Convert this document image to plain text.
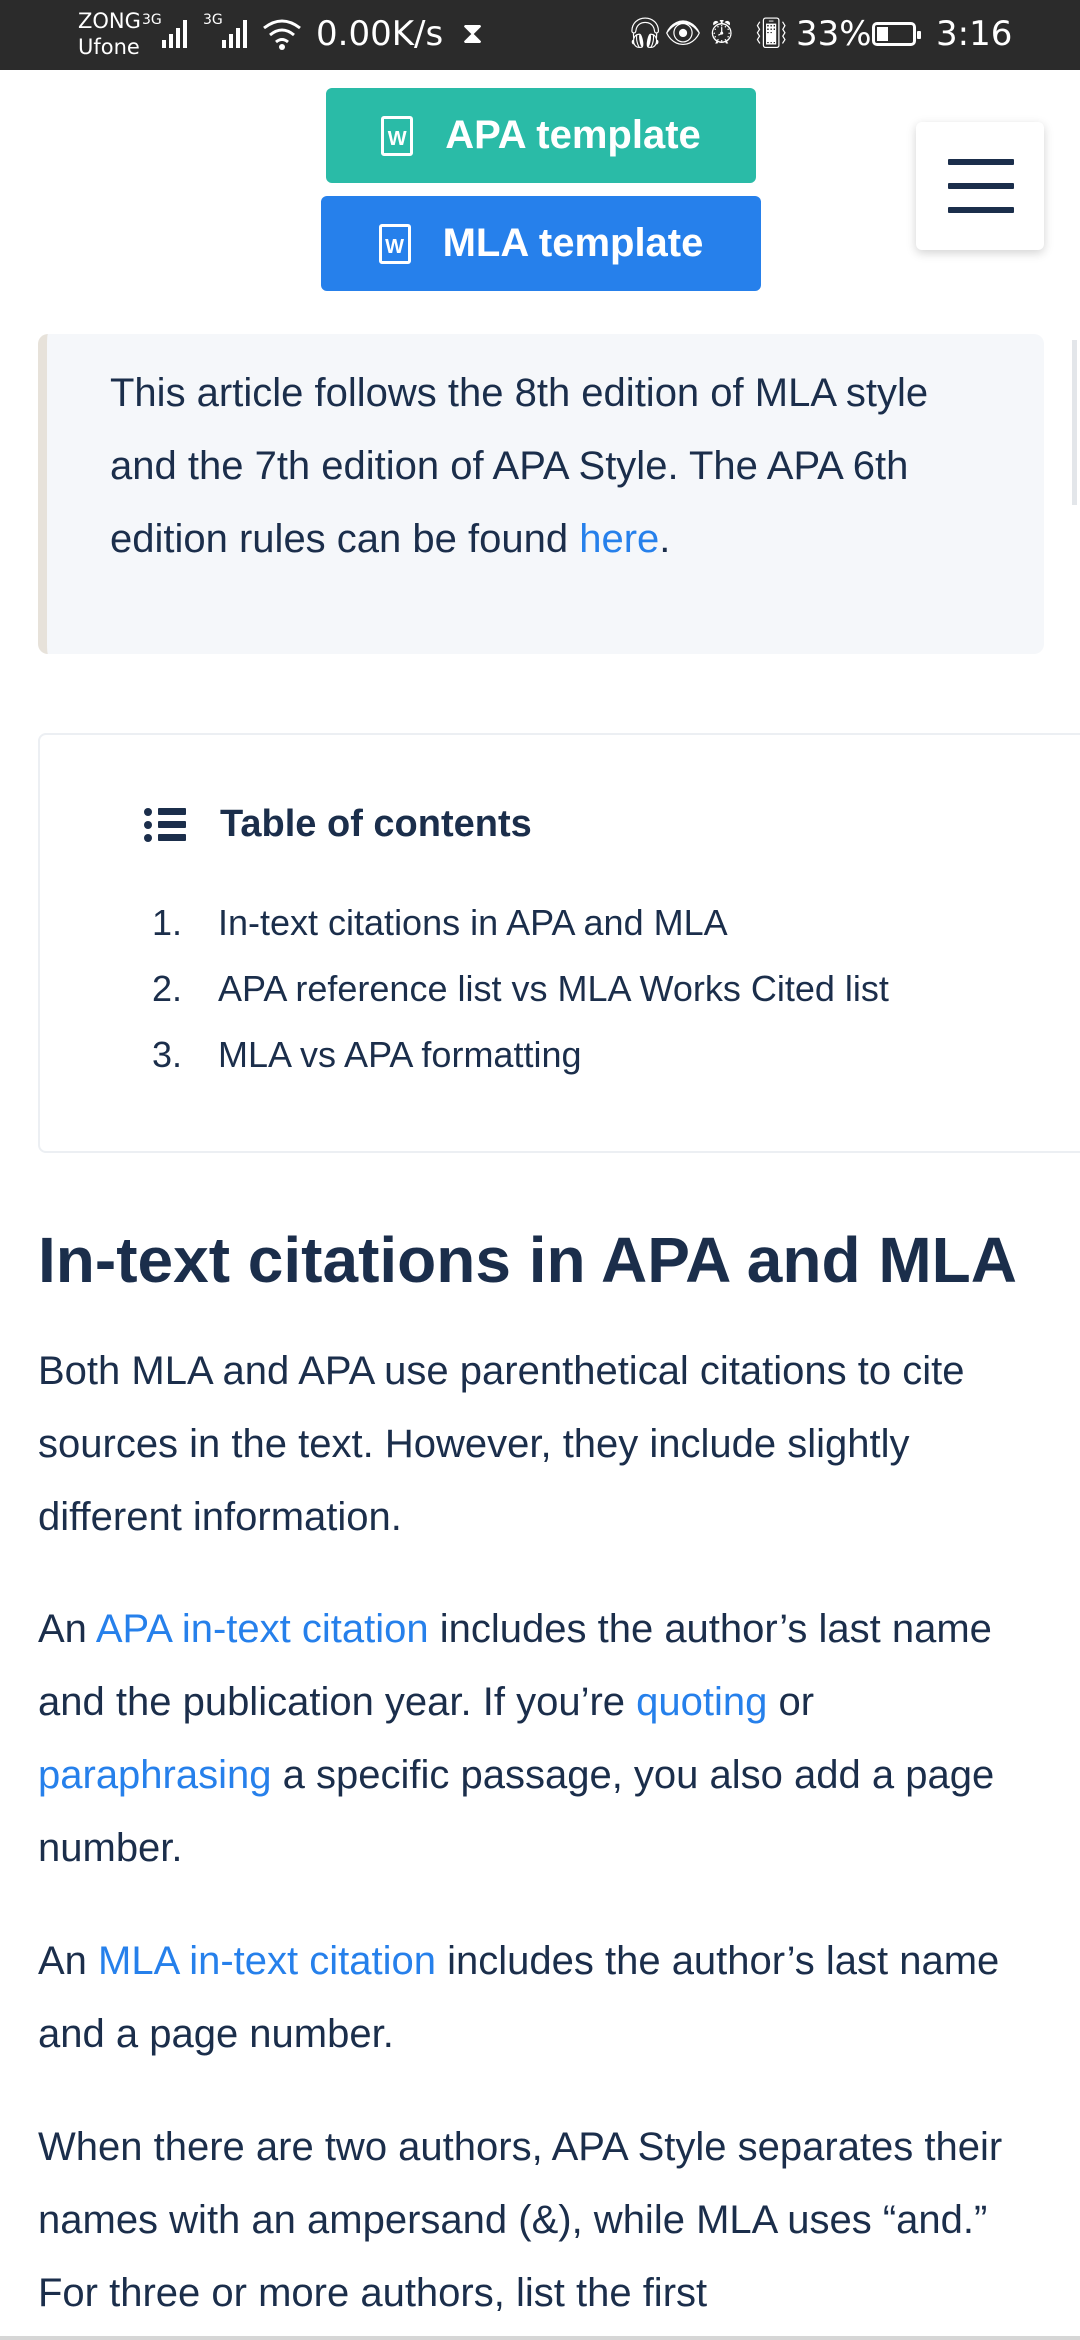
ZONG
Ufone
3G	3G	0.00K/s ⧗	🎧︎ 👁︎ ⏰︎ 📳︎ 33% 3:16
W APA template
W MLA template

This article follows the 8th edition of MLA style and the 7th edition of APA Style. The APA 6th edition rules can be found here.

Table of contents
1. In-text citations in APA and MLA
2. APA reference list vs MLA Works Cited list
3. MLA vs APA formatting
In-text citations in APA and MLA

Both MLA and APA use parenthetical citations to cite sources in the text. However, they include slightly different information.

An APA in-text citation includes the author’s last name and the publication year. If you’re quoting or paraphrasing a specific passage, you also add a page number.

An MLA in-text citation includes the author’s last name and a page number.

When there are two authors, APA Style separates their names with an ampersand (&), while MLA uses “and.” For three or more authors, list the first
